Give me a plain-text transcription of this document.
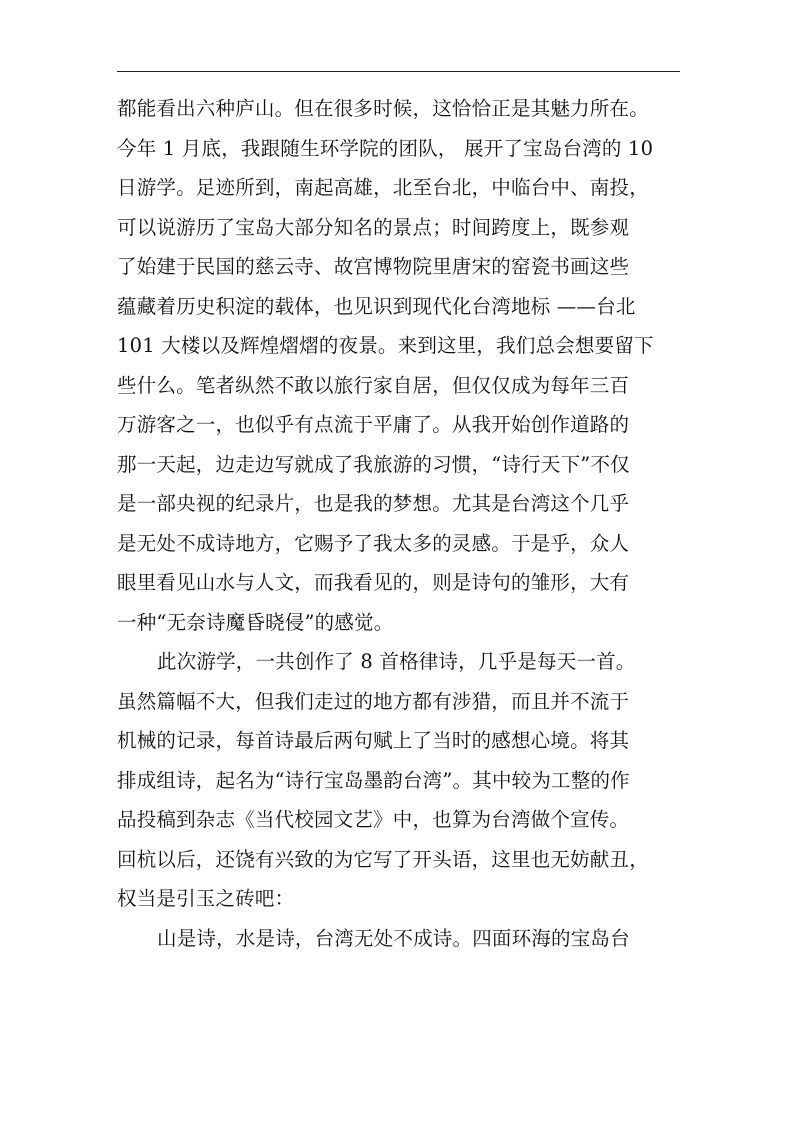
都能看出六种庐山。但在很多时候，这恰恰正是其魅力所在。
今年 1 月底，我跟随生环学院的团队， 展开了宝岛台湾的 10
日游学。足迹所到，南起高雄，北至台北，中临台中、南投，
可以说游历了宝岛大部分知名的景点；时间跨度上，既参观
了始建于民国的慈云寺、故宫博物院里唐宋的窑瓷书画这些
蕴藏着历史积淀的载体，也见识到现代化台湾地标 ——台北
101 大楼以及辉煌熠熠的夜景。来到这里，我们总会想要留下
些什么。笔者纵然不敢以旅行家自居，但仅仅成为每年三百
万游客之一，也似乎有点流于平庸了。从我开始创作道路的
那一天起，边走边写就成了我旅游的习惯，“诗行天下”不仅
是一部央视的纪录片，也是我的梦想。尤其是台湾这个几乎
是无处不成诗地方，它赐予了我太多的灵感。于是乎，众人
眼里看见山水与人文，而我看见的，则是诗句的雏形，大有
一种“无奈诗魔昏晓侵”的感觉。
此次游学，一共创作了 8 首格律诗，几乎是每天一首。
虽然篇幅不大，但我们走过的地方都有涉猎，而且并不流于
机械的记录，每首诗最后两句赋上了当时的感想心境。将其
排成组诗，起名为“诗行宝岛墨韵台湾”。其中较为工整的作
品投稿到杂志《当代校园文艺》中，也算为台湾做个宣传。
回杭以后，还饶有兴致的为它写了开头语，这里也无妨献丑，
权当是引玉之砖吧：
山是诗，水是诗，台湾无处不成诗。四面环海的宝岛台
